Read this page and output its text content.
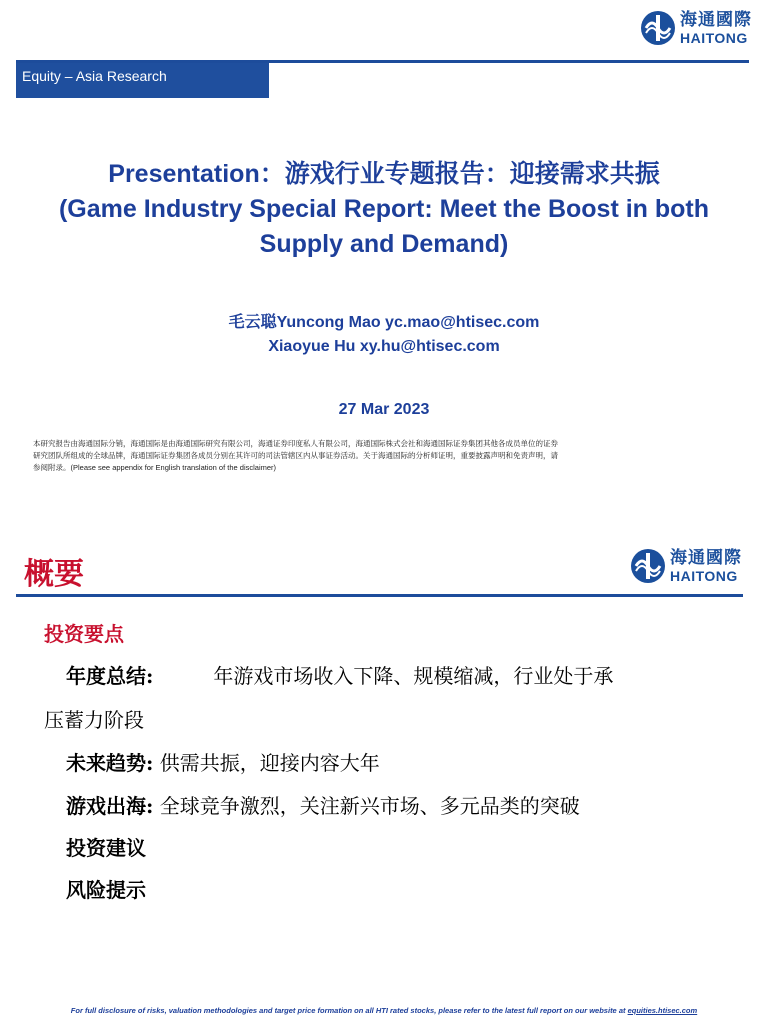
海通國際
HAITONG
Equity – Asia Research
Presentation：游戏行业专题报告：迎接需求共振
(Game Industry Special Report: Meet the Boost in both
Supply and Demand)
毛云聪Yuncong Mao yc.mao@htisec.com
Xiaoyue Hu xy.hu@htisec.com
27 Mar 2023
本研究报告由海通国际分销，海通国际是由海通国际研究有限公司，海通证券印度私人有限公司，海通国际株式会社和海通国际证券集团其他各成员单位的证券
研究团队所组成的全球品牌，海通国际证券集团各成员分别在其许可的司法管辖区内从事证券活动。关于海通国际的分析师证明，重要披露声明和免责声明，请
参阅附录。(Please see appendix for English translation of the disclaimer)
概要	海通國際
HAITONG
投资要点
年度总结:	年游戏市场收入下降、规模缩减，行业处于承
压蓄力阶段
未来趋势: 供需共振，迎接内容大年
游戏出海: 全球竞争激烈，关注新兴市场、多元品类的突破
投资建议
风险提示
For full disclosure of risks, valuation methodologies and target price formation on all HTI rated stocks, please refer to the latest full report on our website at equities.htisec.com
